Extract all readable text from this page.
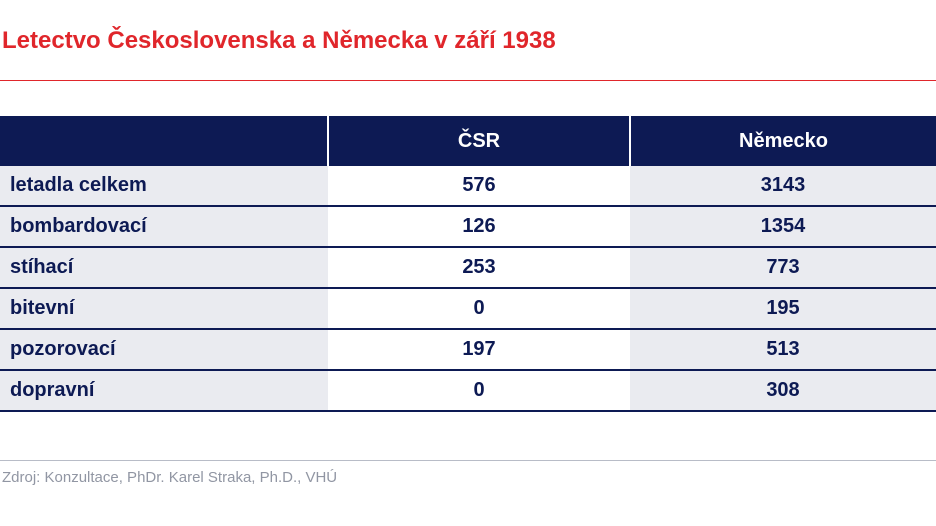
Letectvo Československa a Německa v září 1938
	ČSR	Německo
letadla celkem	576	3143
bombardovací	126	1354
stíhací	253	773
bitevní	0	195
pozorovací	197	513
dopravní	0	308
Zdroj: Konzultace, PhDr. Karel Straka, Ph.D., VHÚ
